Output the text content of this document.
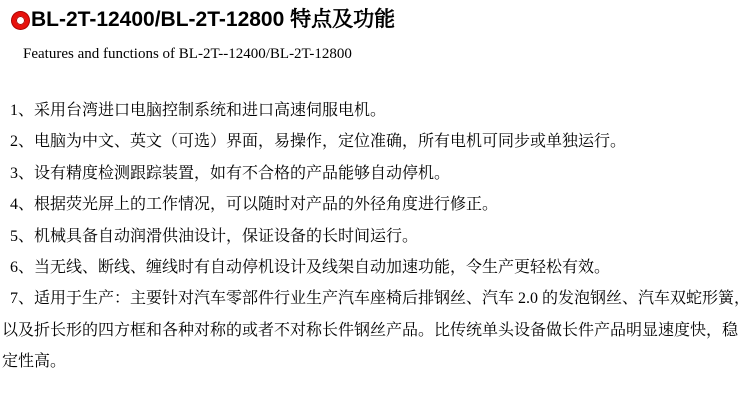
BL-2T-12400/BL-2T-12800 特点及功能

Features and functions of BL-2T--12400/BL-2T-12800

1、采用台湾进口电脑控制系统和进口高速伺服电机。

2、电脑为中文、英文（可选）界面，易操作，定位准确，所有电机可同步或单独运行。

3、设有精度检测跟踪装置，如有不合格的产品能够自动停机。

4、根据荧光屏上的工作情况，可以随时对产品的外径角度进行修正。

5、机械具备自动润滑供油设计，保证设备的长时间运行。

6、当无线、断线、缠线时有自动停机设计及线架自动加速功能，令生产更轻松有效。

7、适用于生产：主要针对汽车零部件行业生产汽车座椅后排钢丝、汽车 2.0 的发泡钢丝、汽车双蛇形簧，以及折长形的四方框和各种对称的或者不对称长件钢丝产品。比传统单头设备做长件产品明显速度快，稳定性高。
